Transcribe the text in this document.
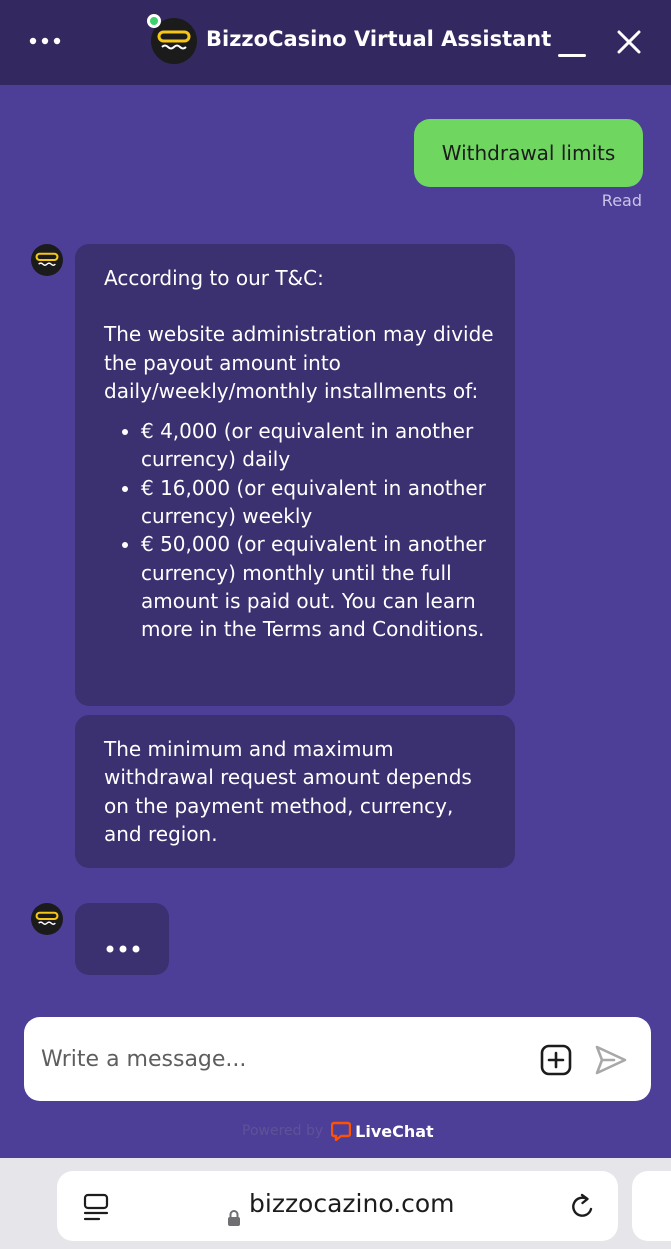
BizzoCasino Virtual Assistant
Withdrawal limits
Read

According to our T&C:

The website administration may divide the payout amount into daily/weekly/monthly installments of:

• € 4,000 (or equivalent in another currency) daily
• € 16,000 (or equivalent in another currency) weekly
• € 50,000 (or equivalent in another currency) monthly until the full amount is paid out. You can learn more in the Terms and Conditions.

The minimum and maximum withdrawal request amount depends on the payment method, currency, and region.

Write a message...
Powered by LiveChat
bizzocazino.com
